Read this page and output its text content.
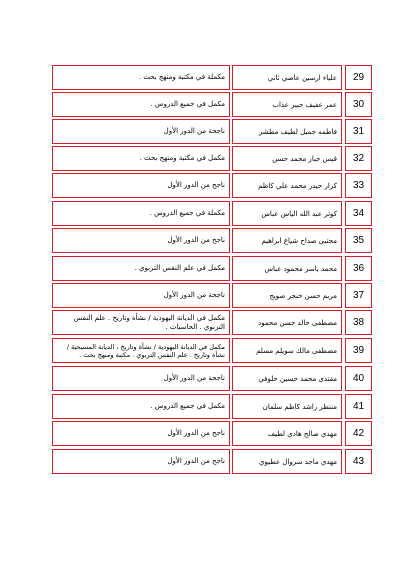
29
علياء ارسين عاصي ثاني
مكملة في مكتبة ومنهج بحث .
30
عمر عفيف جبير عذاب
مكمل في جميع الدروس .
31
فاطمه جميل لطيف مطشر
ناجحة من الدور الأول
32
قيس جبار محمد حسن
مكمل في مكتبة ومنهج بحث .
33
كرار حيدر محمد علي كاظم
ناجح من الدور الأول
34
كوثر عبد الله الياس عباس
مكملة في جميع الدروس .
35
مجتبى صداح شياع ابراهيم
ناجح من الدور الأول
36
محمد ياسر محمود عباس
مكمل في علم النفس التربوي .
37
مريم حسن خنجر صويح
ناجحة من الدور الأول
38
مصطفى خالد حسن محمود
مكمل في الديانة اليهودية / نشأة وتاريخ . علم النفس التربوي . الحاسبات .
39
مصطفى مالك سويلم مسلم
مكمل في الديانة اليهودية / نشأة وتاريخ ، الديانة المسيحية / نشأة وتاريخ . علم النفس التربوي . مكتبة ومنهج بحث .
40
مقتدى محمد حسين خلوفي
ناجحة من الدور الأول
41
منتظر راشد كاظم سلمان
مكمل في جميع الدروس .
42
مهدي صالح هادي لطيف
ناجح من الدور الأول
43
مهدي ماجد سروال عطيوي
ناجح من الدور الأول
